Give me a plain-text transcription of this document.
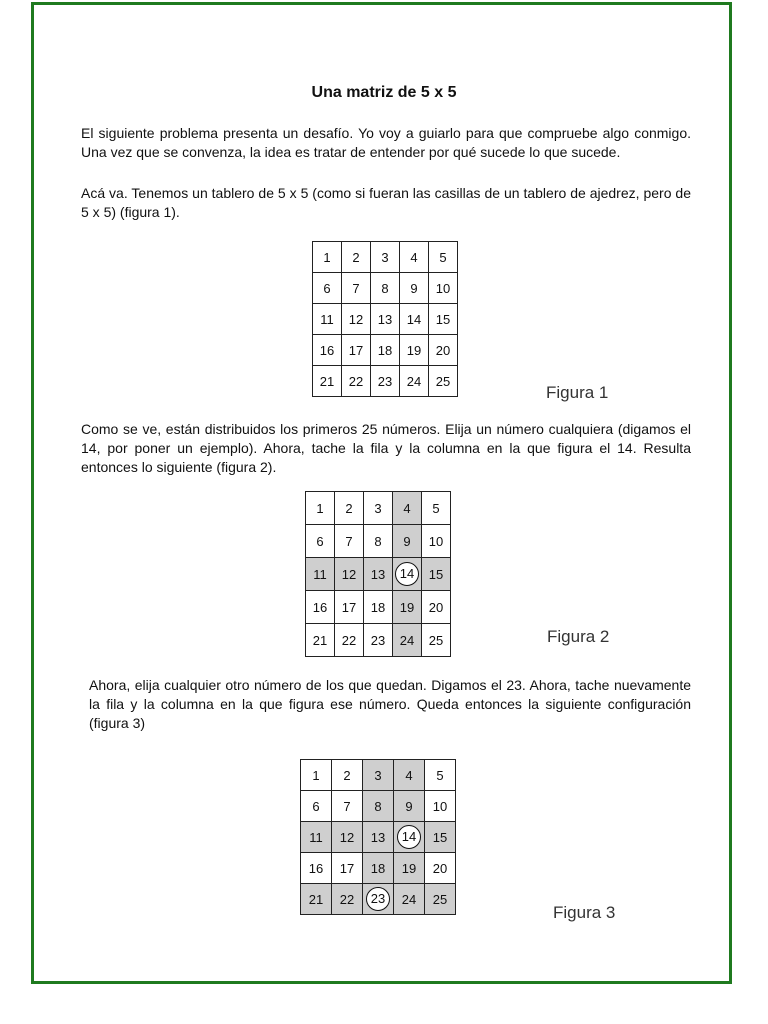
Una matriz de 5 x 5

El siguiente problema presenta un desafío. Yo voy a guiarlo para que compruebe algo conmigo. Una vez que se convenza, la idea es tratar de entender por qué sucede lo que sucede.

Acá va. Tenemos un tablero de 5 x 5 (como si fueran las casillas de un tablero de ajedrez, pero de 5 x 5) (figura 1).

1	2	3	4	5
6	7	8	9	10
11	12	13	14	15
16	17	18	19	20
21	22	23	24	25
Figura 1

Como se ve, están distribuidos los primeros 25 números. Elija un número cualquiera (digamos el 14, por poner un ejemplo). Ahora, tache la fila y la columna en la que figura el 14. Resulta entonces lo siguiente (figura 2).

1	2	3	4	5
6	7	8	9	10
11	12	13	14	15
16	17	18	19	20
21	22	23	24	25	Figura 2

Ahora, elija cualquier otro número de los que quedan. Digamos el 23. Ahora, tache nuevamente la fila y la columna en la que figura ese número. Queda entonces la siguiente configuración (figura 3)

1	2	3	4	5
6	7	8	9	10
11	12	13	14	15
16	17	18	19	20
21	22	23	24	25
Figura 3
